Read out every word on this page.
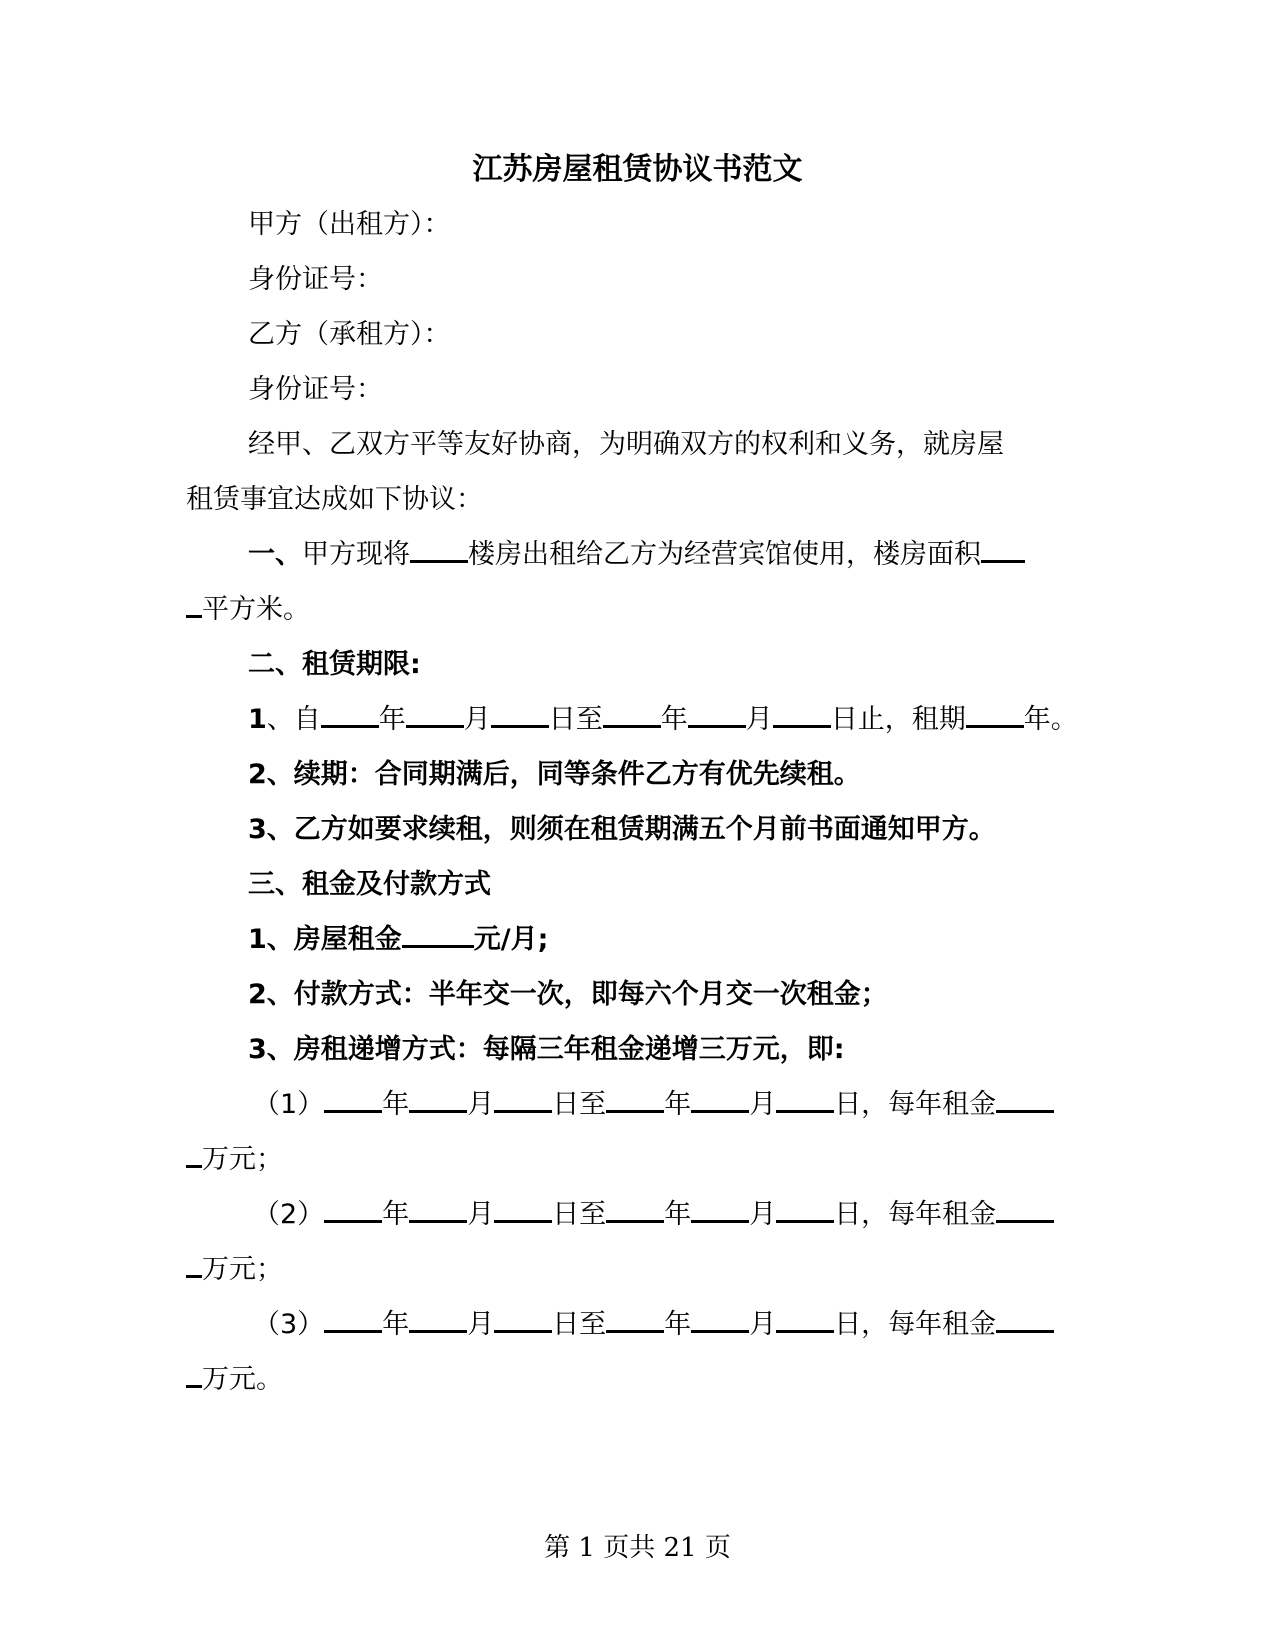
江苏房屋租赁协议书范文
甲方（出租方）：
身份证号：
乙方（承租方）：
身份证号：
经甲、乙双方平等友好协商，为明确双方的权利和义务，就房屋
租赁事宜达成如下协议：
一、甲方现将 楼房出租给乙方为经营宾馆使用，楼房面积
平方米。
二、租赁期限:
1、自 年 月 日至 年 月 日止，租期 年。
2、续期：合同期满后，同等条件乙方有优先续租。
3、乙方如要求续租，则须在租赁期满五个月前书面通知甲方。
三、租金及付款方式
1、房屋租金	元/月;
2、付款方式：半年交一次，即每六个月交一次租金；
3、房租递增方式：每隔三年租金递增三万元，即:
（1） 年 月 日至 年 月 日，每年租金
万元；
（2） 年 月 日至 年 月 日，每年租金
万元；
（3） 年 月 日至 年 月 日，每年租金
万元。
第 1 页共 21 页
